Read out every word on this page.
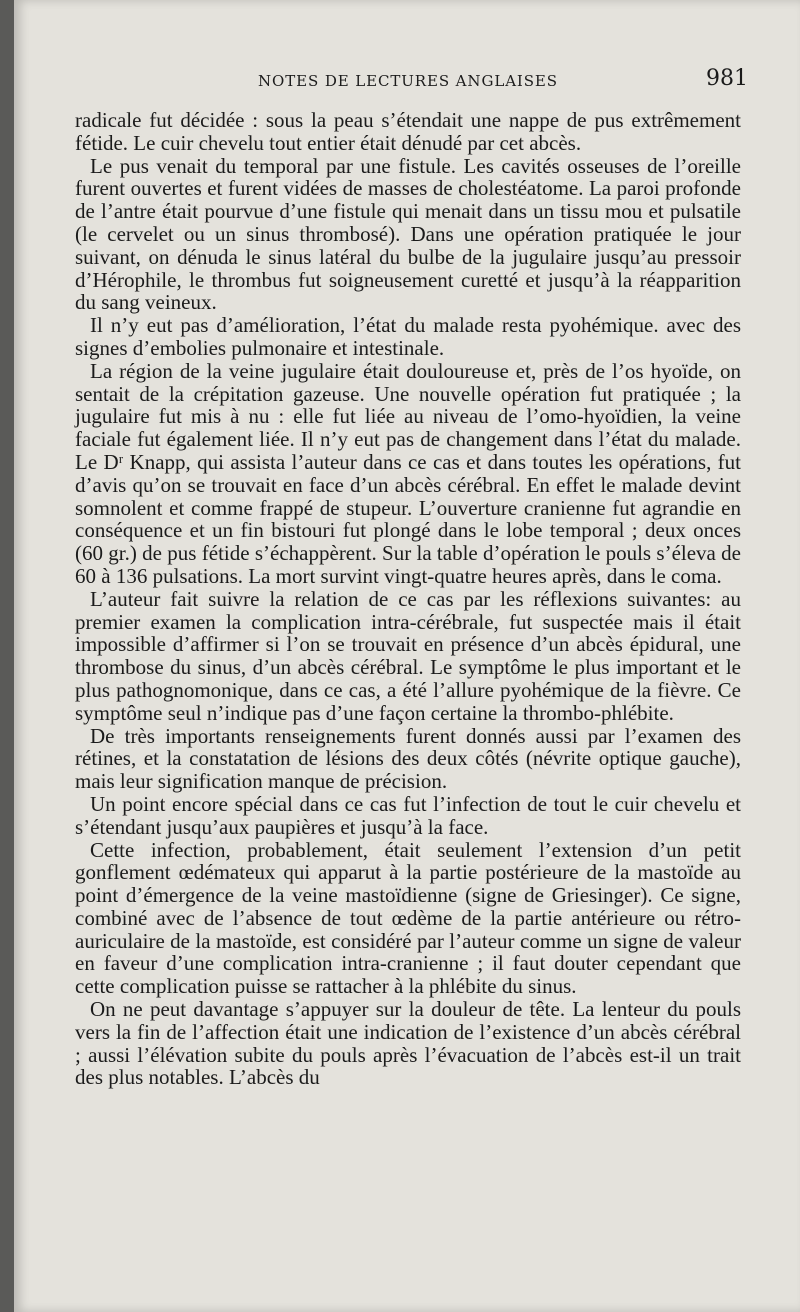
NOTES DE LECTURES ANGLAISES	981

radicale fut décidée : sous la peau s’étendait une nappe de pus extrêmement fétide. Le cuir chevelu tout entier était dénudé par cet abcès.

Le pus venait du temporal par une fistule. Les cavités osseuses de l’oreille furent ouvertes et furent vidées de masses de cholestéatome. La paroi profonde de l’antre était pourvue d’une fistule qui menait dans un tissu mou et pulsatile (le cervelet ou un sinus thrombosé). Dans une opération pratiquée le jour suivant, on dénuda le sinus latéral du bulbe de la jugulaire jusqu’au pressoir d’Hérophile, le thrombus fut soigneusement curetté et jusqu’à la réapparition du sang veineux.

Il n’y eut pas d’amélioration, l’état du malade resta pyohémique. avec des signes d’embolies pulmonaire et intestinale.

La région de la veine jugulaire était douloureuse et, près de l’os hyoïde, on sentait de la crépitation gazeuse. Une nouvelle opération fut pratiquée ; la jugulaire fut mis à nu : elle fut liée au niveau de l’omo-hyoïdien, la veine faciale fut également liée. Il n’y eut pas de changement dans l’état du malade. Le Dʳ Knapp, qui assista l’auteur dans ce cas et dans toutes les opérations, fut d’avis qu’on se trouvait en face d’un abcès cérébral. En effet le malade devint somnolent et comme frappé de stupeur. L’ouverture cranienne fut agrandie en conséquence et un fin bistouri fut plongé dans le lobe temporal ; deux onces (60 gr.) de pus fétide s’échappèrent. Sur la table d’opération le pouls s’éleva de 60 à 136 pulsations. La mort survint vingt-quatre heures après, dans le coma.

L’auteur fait suivre la relation de ce cas par les réflexions suivantes: au premier examen la complication intra-cérébrale, fut suspectée mais il était impossible d’affirmer si l’on se trouvait en présence d’un abcès épidural, une thrombose du sinus, d’un abcès cérébral. Le symptôme le plus important et le plus pathognomonique, dans ce cas, a été l’allure pyohémique de la fièvre. Ce symptôme seul n’indique pas d’une façon certaine la thrombo-phlébite.

De très importants renseignements furent donnés aussi par l’examen des rétines, et la constatation de lésions des deux côtés (névrite optique gauche), mais leur signification manque de précision.

Un point encore spécial dans ce cas fut l’infection de tout le cuir chevelu et s’étendant jusqu’aux paupières et jusqu’à la face.

Cette infection, probablement, était seulement l’extension d’un petit gonflement œdémateux qui apparut à la partie postérieure de la mastoïde au point d’émergence de la veine mastoïdienne (signe de Griesinger). Ce signe, combiné avec de l’absence de tout œdème de la partie antérieure ou rétro-auriculaire de la mastoïde, est considéré par l’auteur comme un signe de valeur en faveur d’une complication intra-cranienne ; il faut douter cependant que cette complication puisse se rattacher à la phlébite du sinus.

On ne peut davantage s’appuyer sur la douleur de tête. La lenteur du pouls vers la fin de l’affection était une indication de l’existence d’un abcès cérébral ; aussi l’élévation subite du pouls après l’évacuation de l’abcès est-il un trait des plus notables. L’abcès du
